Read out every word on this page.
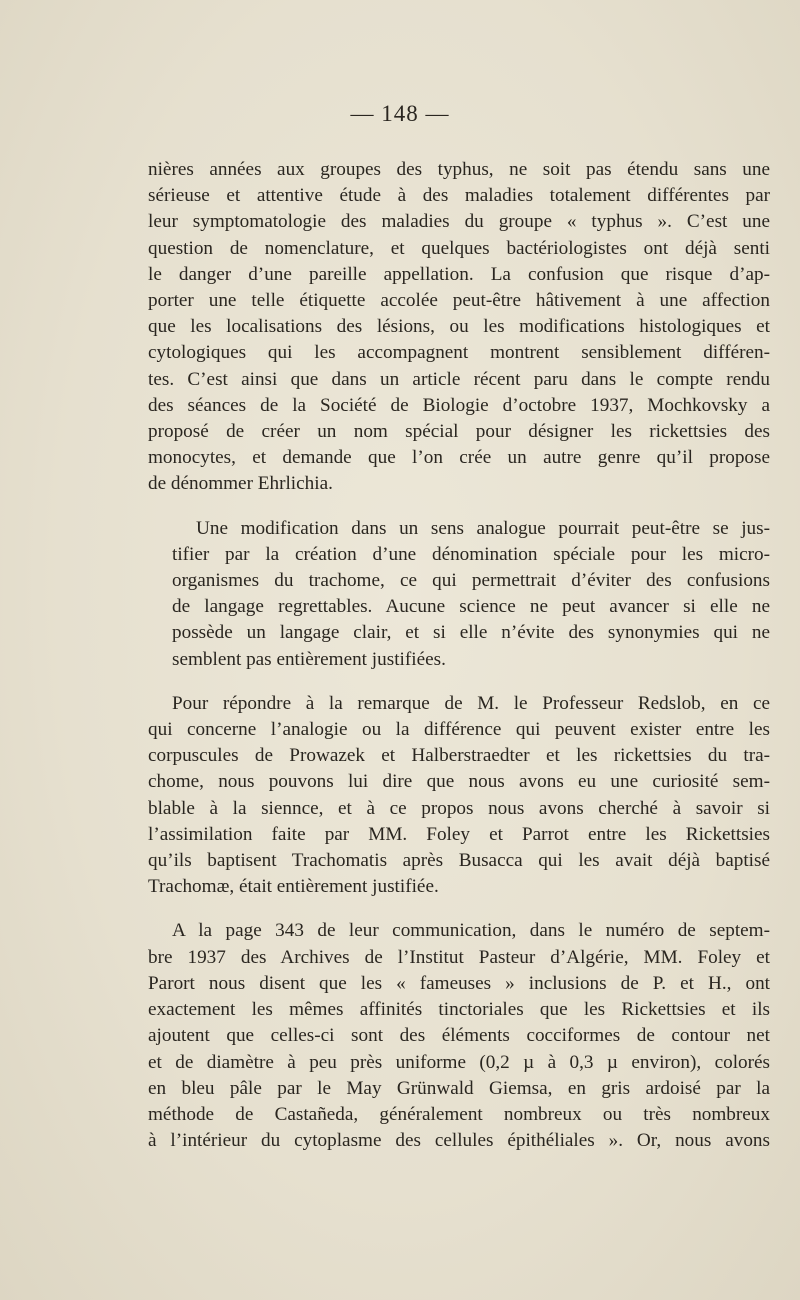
— 148 —

nières années aux groupes des typhus, ne soit pas étendu sans une
sérieuse et attentive étude à des maladies totalement différentes par
leur symptomatologie des maladies du groupe « typhus ». C’est une
question de nomenclature, et quelques bactériologistes ont déjà senti
le danger d’une pareille appellation. La confusion que risque d’ap-
porter une telle étiquette accolée peut-être hâtivement à une affection
que les localisations des lésions, ou les modifications histologiques et
cytologiques qui les accompagnent montrent sensiblement différen-
tes. C’est ainsi que dans un article récent paru dans le compte rendu
des séances de la Société de Biologie d’octobre 1937, Mochkovsky a
proposé de créer un nom spécial pour désigner les rickettsies des
monocytes, et demande que l’on crée un autre genre qu’il propose
de dénommer Ehrlichia.

Une modification dans un sens analogue pourrait peut-être se jus-
tifier par la création d’une dénomination spéciale pour les micro-
organismes du trachome, ce qui permettrait d’éviter des confusions
de langage regrettables. Aucune science ne peut avancer si elle ne
possède un langage clair, et si elle n’évite des synonymies qui ne
semblent pas entièrement justifiées.

Pour répondre à la remarque de M. le Professeur Redslob, en ce
qui concerne l’analogie ou la différence qui peuvent exister entre les
corpuscules de Prowazek et Halberstraedter et les rickettsies du tra-
chome, nous pouvons lui dire que nous avons eu une curiosité sem-
blable à la siennce, et à ce propos nous avons cherché à savoir si
l’assimilation faite par MM. Foley et Parrot entre les Rickettsies
qu’ils baptisent Trachomatis après Busacca qui les avait déjà baptisé
Trachomæ, était entièrement justifiée.

A la page 343 de leur communication, dans le numéro de septem-
bre 1937 des Archives de l’Institut Pasteur d’Algérie, MM. Foley et
Parort nous disent que les « fameuses » inclusions de P. et H., ont
exactement les mêmes affinités tinctoriales que les Rickettsies et ils
ajoutent que celles-ci sont des éléments cocciformes de contour net
et de diamètre à peu près uniforme (0,2 µ à 0,3 µ environ), colorés
en bleu pâle par le May Grünwald Giemsa, en gris ardoisé par la
méthode de Castañeda, généralement nombreux ou très nombreux
à l’intérieur du cytoplasme des cellules épithéliales ». Or, nous avons
